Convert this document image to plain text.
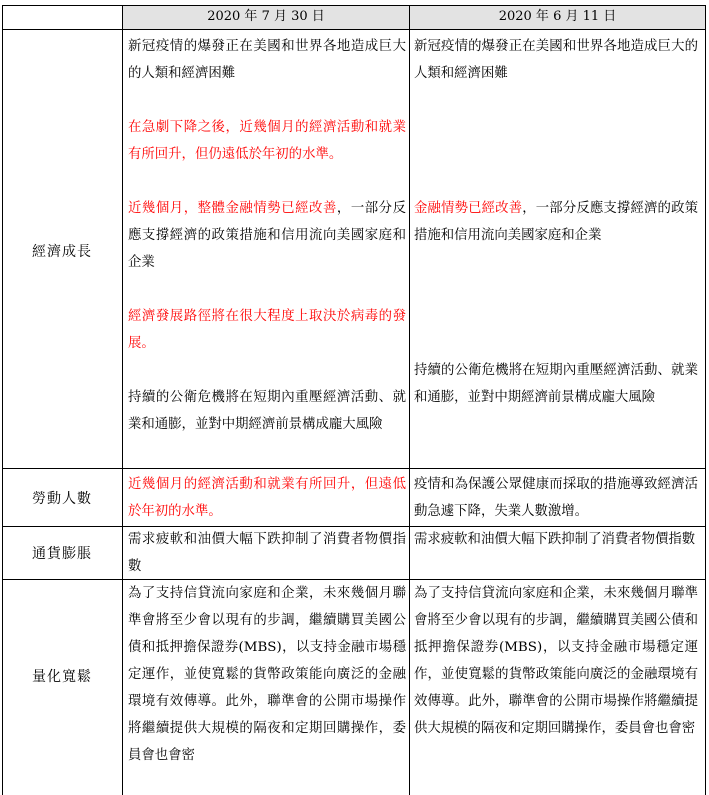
2020 年 7 月 30 日	2020 年 6 月 11 日
經濟成長

新冠疫情的爆發正在美國和世界各地造成巨大的人類和經濟困難

在急劇下降之後，近幾個月的經濟活動和就業有所回升，但仍遠低於年初的水準。

近幾個月，整體金融情勢已經改善，一部分反應支撐經濟的政策措施和信用流向美國家庭和企業

經濟發展路徑將在很大程度上取決於病毒的發展。

持續的公衛危機將在短期內重壓經濟活動、就業和通膨，並對中期經濟前景構成龐大風險

新冠疫情的爆發正在美國和世界各地造成巨大的人類和經濟困難

金融情勢已經改善，一部分反應支撐經濟的政策措施和信用流向美國家庭和企業

持續的公衛危機將在短期內重壓經濟活動、就業和通膨，並對中期經濟前景構成龐大風險

勞動人數
近幾個月的經濟活動和就業有所回升，但遠低於年初的水準。
疫情和為保護公眾健康而採取的措施導致經濟活動急遽下降，失業人數激增。
通貨膨脹
需求疲軟和油價大幅下跌抑制了消費者物價指數
需求疲軟和油價大幅下跌抑制了消費者物價指數
量化寬鬆
為了支持信貸流向家庭和企業，未來幾個月聯準會將至少會以現有的步調，繼續購買美國公債和抵押擔保證券(MBS)，以支持金融市場穩定運作，並使寬鬆的貨幣政策能向廣泛的金融環境有效傳導。此外，聯準會的公開市場操作將繼續提供大規模的隔夜和定期回購操作，委員會也會密
為了支持信貸流向家庭和企業，未來幾個月聯準會將至少會以現有的步調，繼續購買美國公債和抵押擔保證券(MBS)，以支持金融市場穩定運作，並使寬鬆的貨幣政策能向廣泛的金融環境有效傳導。此外，聯準會的公開市場操作將繼續提供大規模的隔夜和定期回購操作，委員會也會密
